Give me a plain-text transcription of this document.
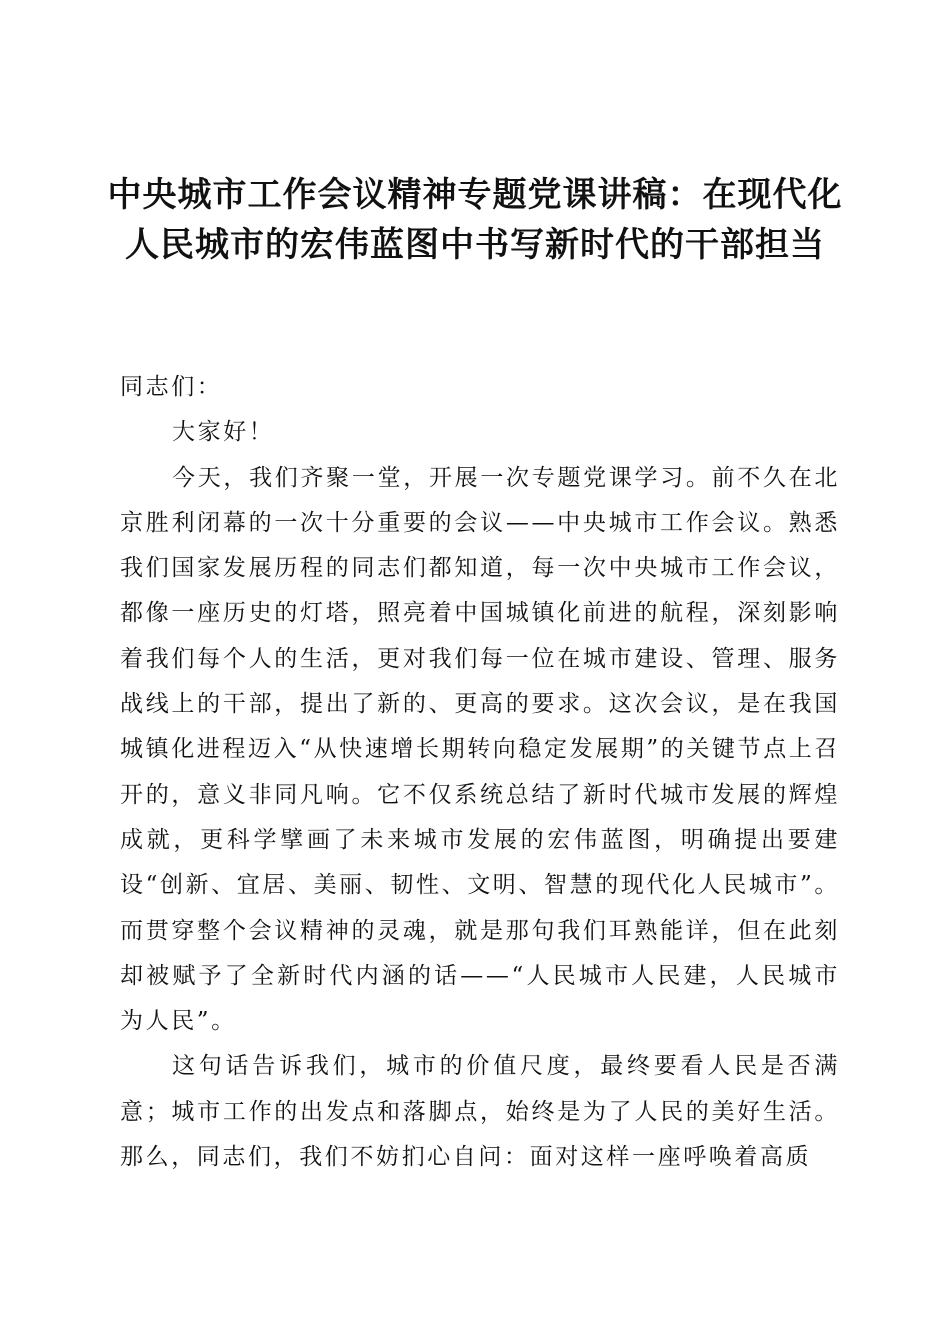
中央城市工作会议精神专题党课讲稿：在现代化人民城市的宏伟蓝图中书写新时代的干部担当

同志们：

大家好！

今天，我们齐聚一堂，开展一次专题党课学习。前不久在北京胜利闭幕的一次十分重要的会议——中央城市工作会议。熟悉我们国家发展历程的同志们都知道，每一次中央城市工作会议，都像一座历史的灯塔，照亮着中国城镇化前进的航程，深刻影响着我们每个人的生活，更对我们每一位在城市建设、管理、服务战线上的干部，提出了新的、更高的要求。这次会议，是在我国城镇化进程迈入“从快速增长期转向稳定发展期”的关键节点上召开的，意义非同凡响。它不仅系统总结了新时代城市发展的辉煌成就，更科学擘画了未来城市发展的宏伟蓝图，明确提出要建设“创新、宜居、美丽、韧性、文明、智慧的现代化人民城市”。而贯穿整个会议精神的灵魂，就是那句我们耳熟能详，但在此刻却被赋予了全新时代内涵的话——“人民城市人民建，人民城市为人民”。

这句话告诉我们，城市的价值尺度，最终要看人民是否满意；城市工作的出发点和落脚点，始终是为了人民的美好生活。那么，同志们，我们不妨扪心自问：面对这样一座呼唤着高质
